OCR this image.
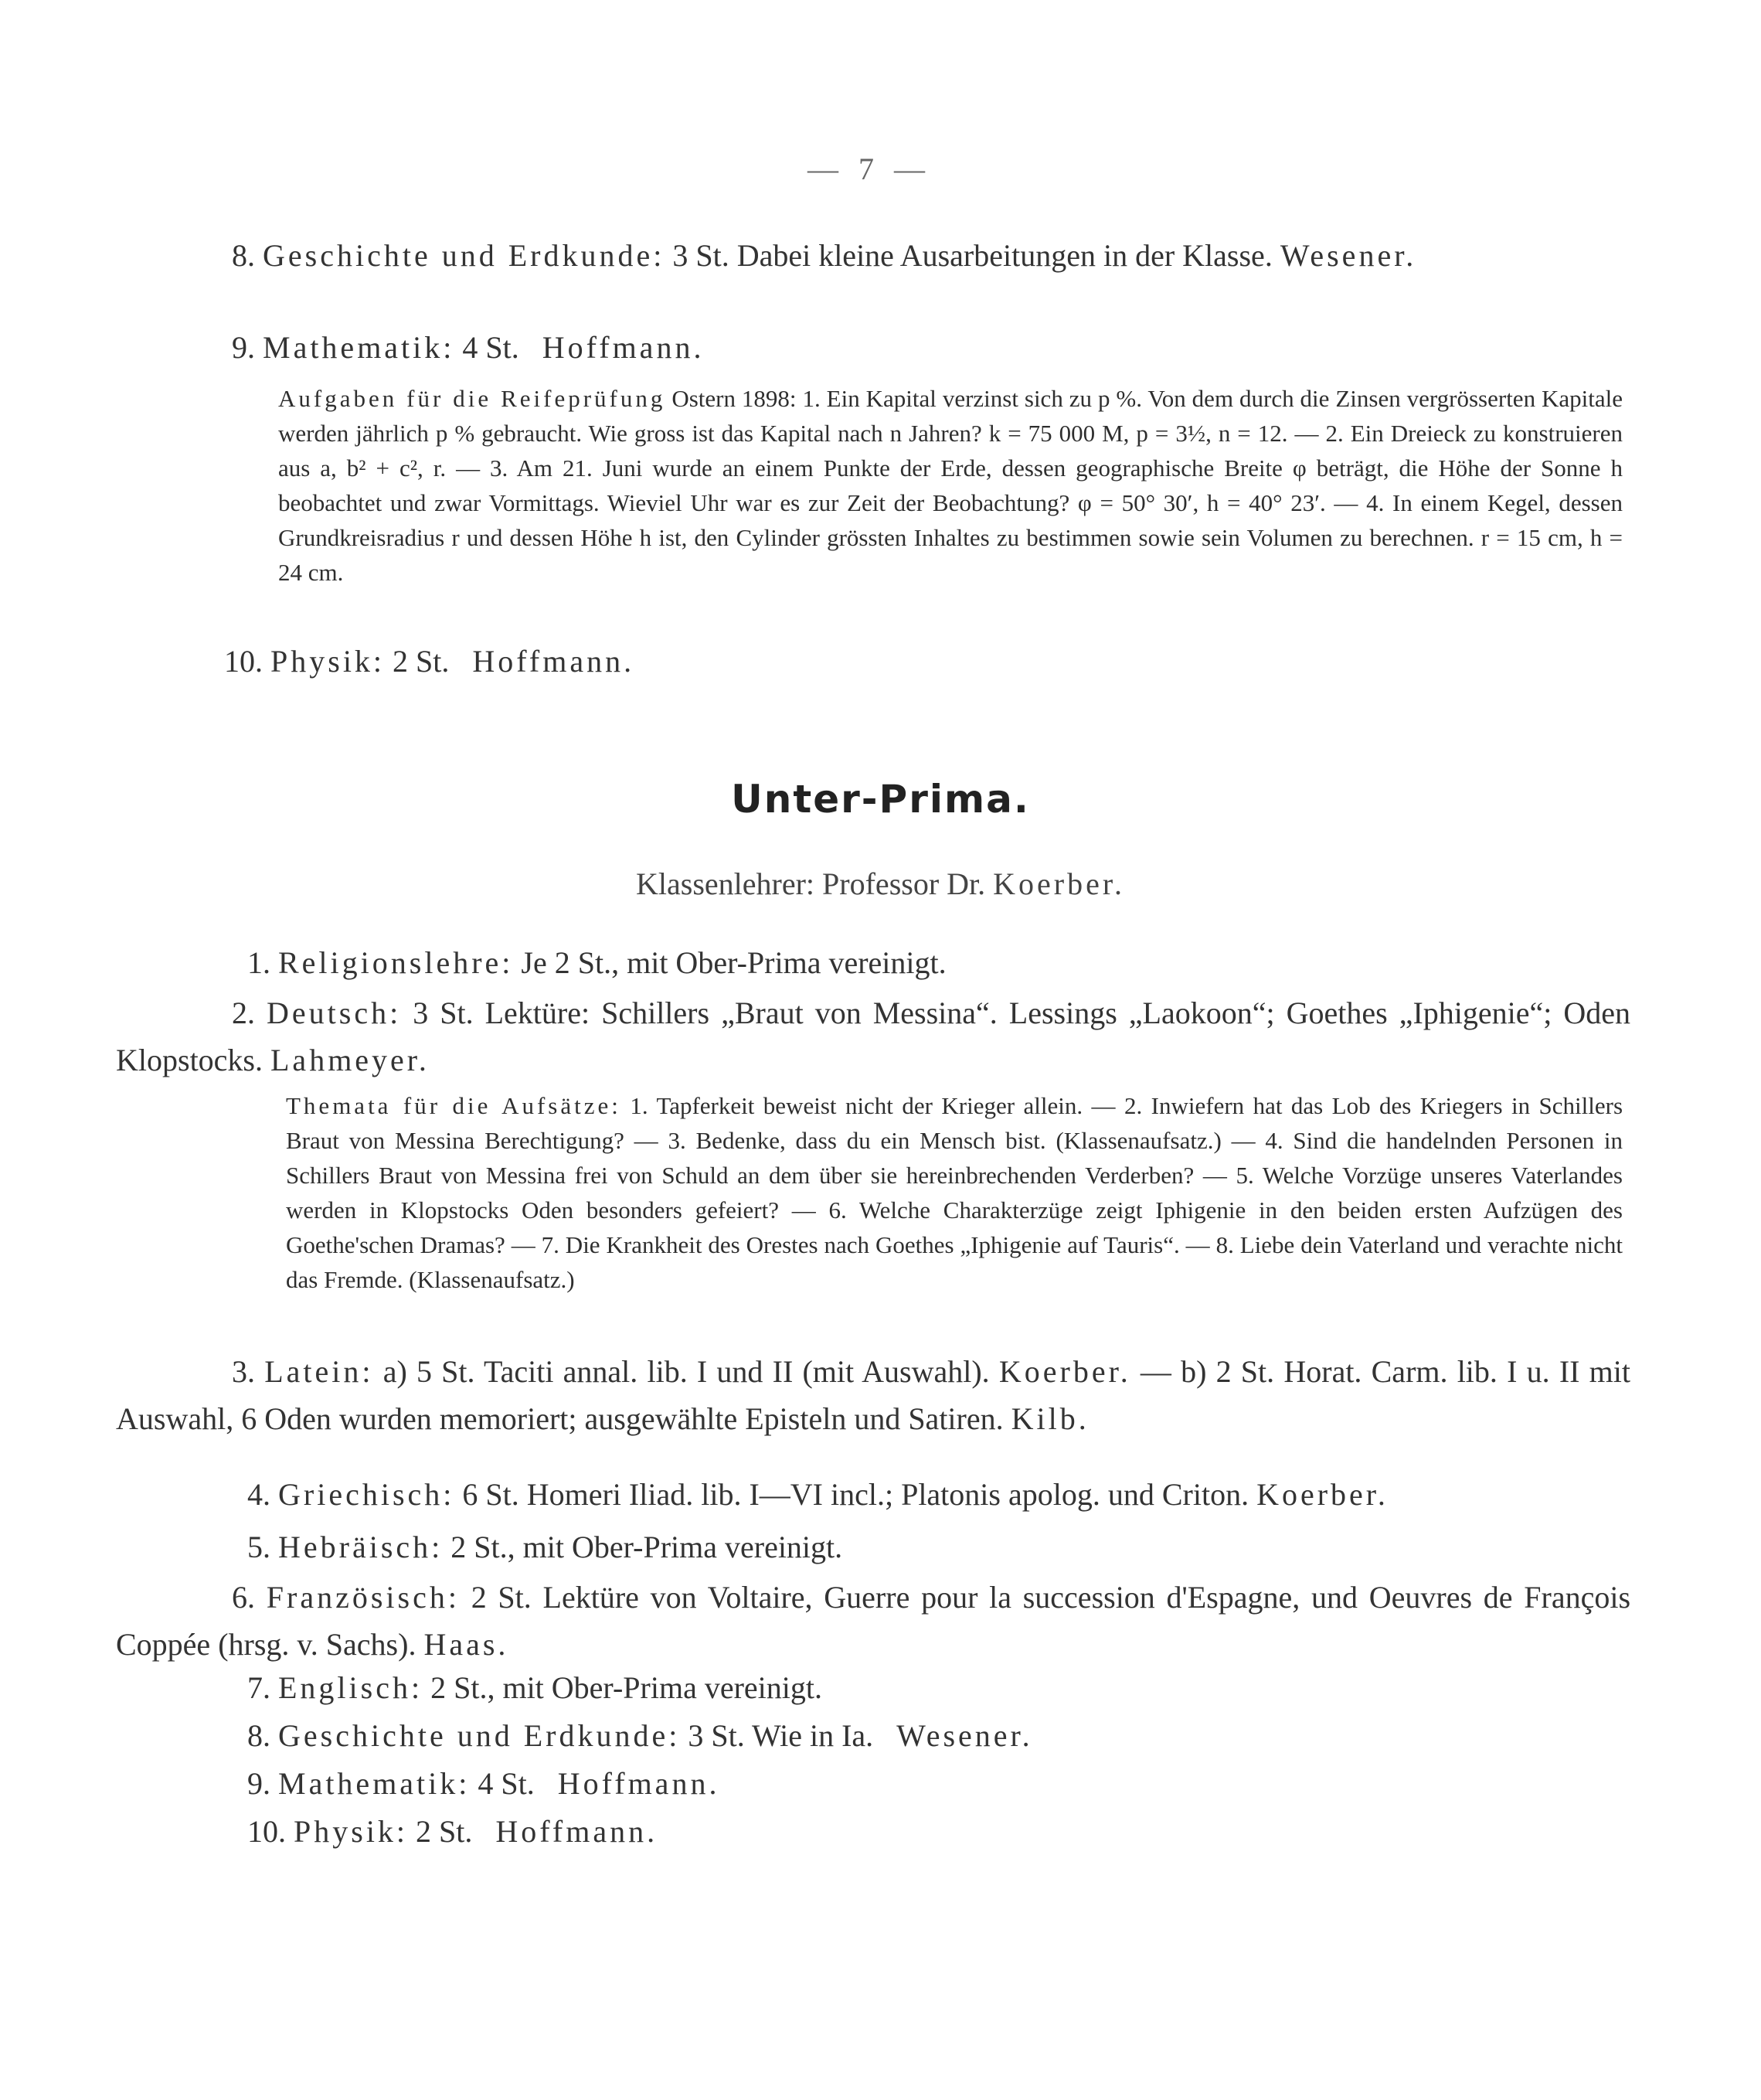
— 7 —

8. Geschichte und Erdkunde: 3 St. Dabei kleine Ausarbeitungen in der Klasse. Wesener.

9. Mathematik: 4 St. Hoffmann.

Aufgaben für die Reifeprüfung Ostern 1898: 1. Ein Kapital verzinst sich zu p %. Von dem durch die Zinsen vergrösserten Kapitale werden jährlich p % gebraucht. Wie gross ist das Kapital nach n Jahren? k = 75 000 M, p = 3½, n = 12. — 2. Ein Dreieck zu konstruieren aus a, b² + c², r. — 3. Am 21. Juni wurde an einem Punkte der Erde, dessen geographische Breite φ beträgt, die Höhe der Sonne h beobachtet und zwar Vormittags. Wieviel Uhr war es zur Zeit der Beobachtung? φ = 50° 30′, h = 40° 23′. — 4. In einem Kegel, dessen Grundkreisradius r und dessen Höhe h ist, den Cylinder grössten Inhaltes zu bestimmen sowie sein Volumen zu berechnen. r = 15 cm, h = 24 cm.

10. Physik: 2 St. Hoffmann.
Unter-Prima.
Klassenlehrer: Professor Dr. Koerber.
1. Religionslehre: Je 2 St., mit Ober-Prima vereinigt.

2. Deutsch: 3 St. Lektüre: Schillers „Braut von Messina“. Lessings „Laokoon“; Goethes „Iphigenie“; Oden Klopstocks. Lahmeyer.

Themata für die Aufsätze: 1. Tapferkeit beweist nicht der Krieger allein. — 2. Inwiefern hat das Lob des Kriegers in Schillers Braut von Messina Berechtigung? — 3. Bedenke, dass du ein Mensch bist. (Klassenaufsatz.) — 4. Sind die handelnden Personen in Schillers Braut von Messina frei von Schuld an dem über sie hereinbrechenden Verderben? — 5. Welche Vorzüge unseres Vaterlandes werden in Klopstocks Oden besonders gefeiert? — 6. Welche Charakterzüge zeigt Iphigenie in den beiden ersten Aufzügen des Goethe'schen Dramas? — 7. Die Krankheit des Orestes nach Goethes „Iphigenie auf Tauris“. — 8. Liebe dein Vaterland und verachte nicht das Fremde. (Klassenaufsatz.)

3. Latein: a) 5 St. Taciti annal. lib. I und II (mit Auswahl). Koerber. — b) 2 St. Horat. Carm. lib. I u. II mit Auswahl, 6 Oden wurden memoriert; ausgewählte Episteln und Satiren. Kilb.

4. Griechisch: 6 St. Homeri Iliad. lib. I—VI incl.; Platonis apolog. und Criton. Koerber.
5. Hebräisch: 2 St., mit Ober-Prima vereinigt.

6. Französisch: 2 St. Lektüre von Voltaire, Guerre pour la succession d'Espagne, und Oeuvres de François Coppée (hrsg. v. Sachs). Haas.

7. Englisch: 2 St., mit Ober-Prima vereinigt.
8. Geschichte und Erdkunde: 3 St. Wie in Ia. Wesener.
9. Mathematik: 4 St. Hoffmann.
10. Physik: 2 St. Hoffmann.
